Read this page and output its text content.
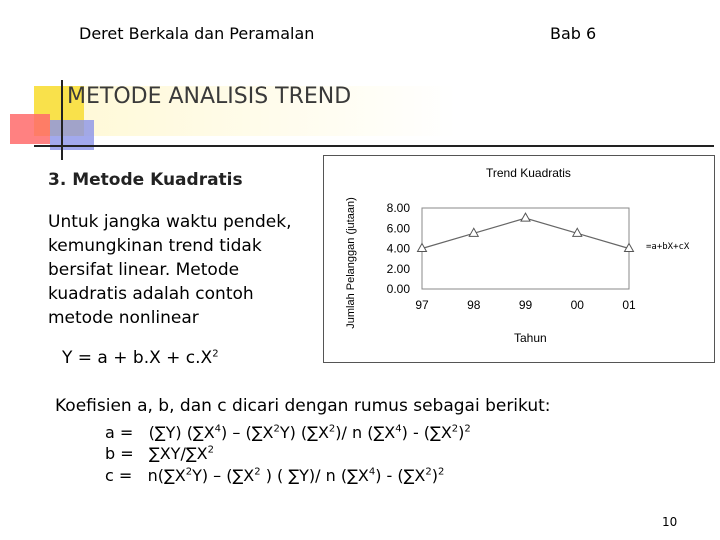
Deret Berkala dan Peramalan	Bab 6
METODE ANALISIS TREND
3. Metode Kuadratis
Untuk jangka waktu pendek, kemungkinan trend tidak bersifat linear. Metode kuadratis adalah contoh metode nonlinear
Trend Kuadratis
Jumlah Pelanggan (jutaan)
Tahun
=a+bX+cX
8.00
6.00
4.00
2.00
0.00
97	98	99	00	01
$Y = a + b.X + c.X^2$
Koefisien a, b, dan c dicari dengan rumus sebagai berikut:
a =   (∑Y) $(\sum X^4) - (\sum X^2Y)$ $(\sum X^2)/$ n $(\sum X^4) - (\sum X^2)^2$
$b = \sum XY/\sum X^2$
$c = n(\sum X^2Y) - (\sum X^2$ ) ( ∑Y)/ n $(\sum X^4) - (\sum X^2)^2$
10
